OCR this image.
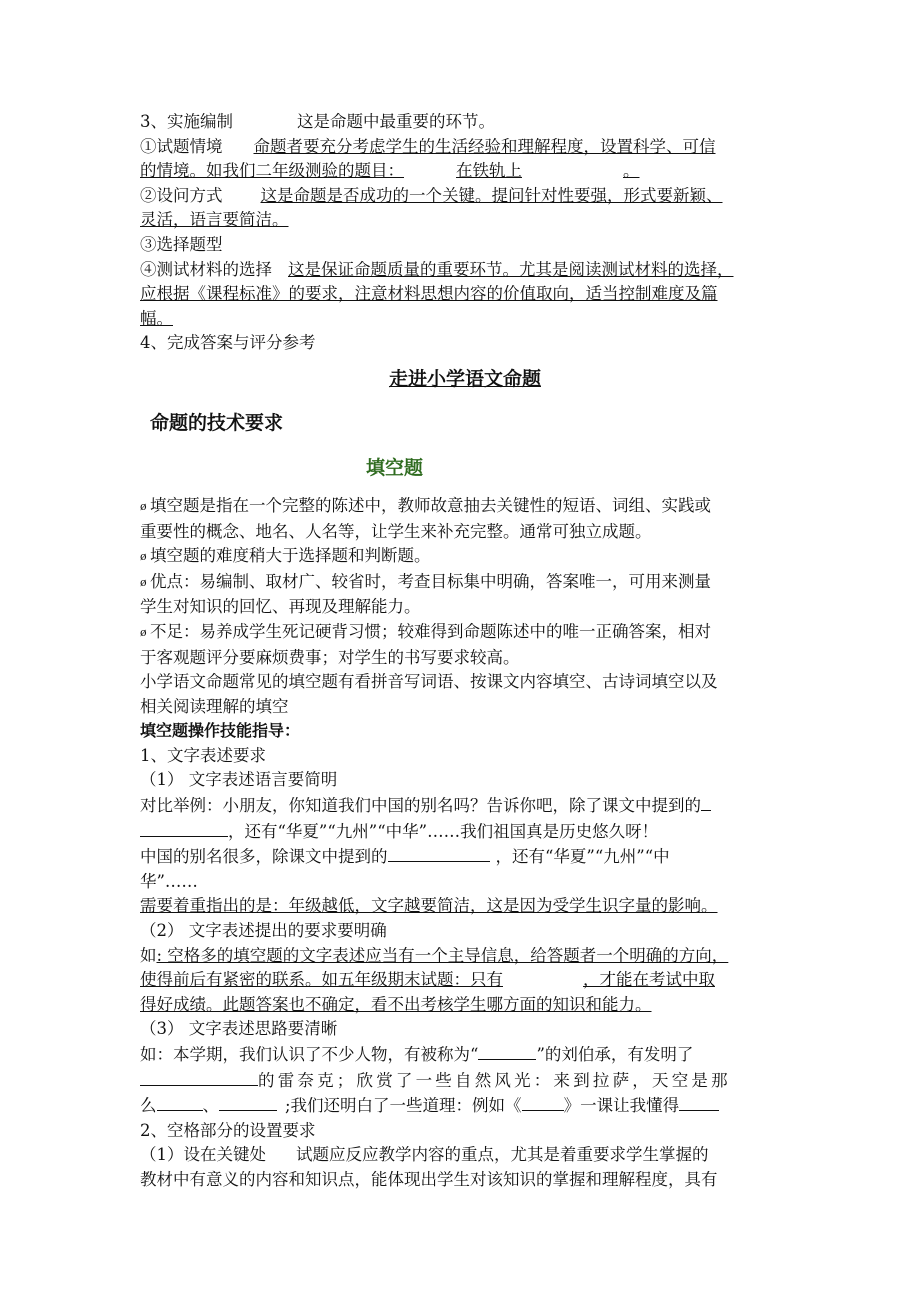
3、实施编制	这是命题中最重要的环节。
①试题情境 命题者要充分考虑学生的生活经验和理解程度，设置科学、可信
的情境。如我们二年级测验的题目：	在铁轨上	。
②设问方式 这是命题是否成功的一个关键。提问针对性要强，形式要新颖、
灵活，语言要简洁。
③选择题型
④测试材料的选择 这是保证命题质量的重要环节。尤其是阅读测试材料的选择，
应根据《课程标准》的要求，注意材料思想内容的价值取向，适当控制难度及篇
幅。
4、完成答案与评分参考
走进小学语文命题
命题的技术要求
填空题
ø 填空题是指在一个完整的陈述中，教师故意抽去关键性的短语、词组、实践或
重要性的概念、地名、人名等，让学生来补充完整。通常可独立成题。
ø 填空题的难度稍大于选择题和判断题。
ø 优点：易编制、取材广、较省时，考查目标集中明确，答案唯一，可用来测量
学生对知识的回忆、再现及理解能力。
ø 不足：易养成学生死记硬背习惯；较难得到命题陈述中的唯一正确答案，相对
于客观题评分要麻烦费事；对学生的书写要求较高。
小学语文命题常见的填空题有看拼音写词语、按课文内容填空、古诗词填空以及
相关阅读理解的填空
填空题操作技能指导：
1、文字表述要求
（1） 文字表述语言要简明
对比举例：小朋友，你知道我们中国的别名吗？告诉你吧，除了课文中提到的
，还有“华夏”“九州”“中华”……我们祖国真是历史悠久呀！
中国的别名很多，除课文中提到的	，还有“华夏”“九州”“中
华”……
需要着重指出的是：年级越低，文字越要简洁，这是因为受学生识字量的影响。
（2） 文字表述提出的要求要明确
如: 空格多的填空题的文字表述应当有一个主导信息，给答题者一个明确的方向，
使得前后有紧密的联系。如五年级期末试题：只有	，才能在考试中取
得好成绩。此题答案也不确定，看不出考核学生哪方面的知识和能力。
（3） 文字表述思路要清晰
如：本学期，我们认识了不少人物，有被称为“	”的刘伯承，有发明了
的雷奈克；欣赏了一些自然风光：来到拉萨，天空是那
么	、	;我们还明白了一些道理：例如《	》一课让我懂得
2、空格部分的设置要求
（1）设在关键处 试题应反应教学内容的重点，尤其是着重要求学生掌握的
教材中有意义的内容和知识点，能体现出学生对该知识的掌握和理解程度，具有
